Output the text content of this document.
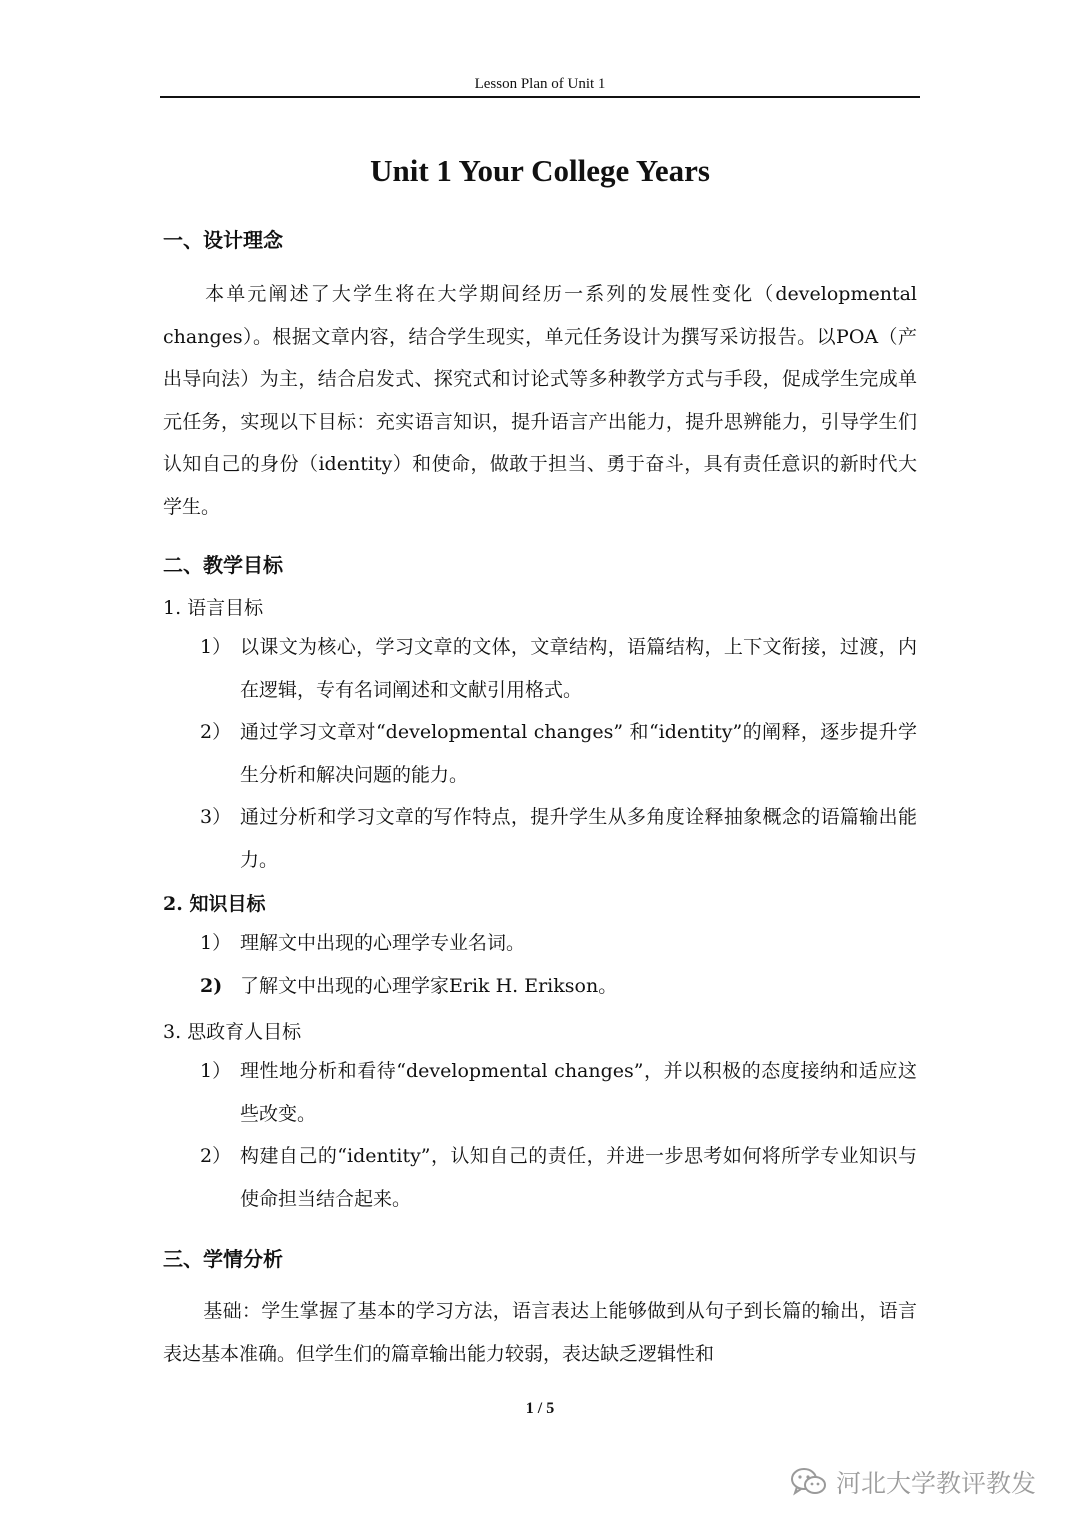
Lesson Plan of Unit 1
Unit 1 Your College Years
一、设计理念
本单元阐述了大学生将在大学期间经历一系列的发展性变化（developmental changes）。根据文章内容，结合学生现实，单元任务设计为撰写采访报告。以POA（产出导向法）为主，结合启发式、探究式和讨论式等多种教学方式与手段，促成学生完成单元任务，实现以下目标：充实语言知识，提升语言产出能力，提升思辨能力，引导学生们认知自己的身份（identity）和使命，做敢于担当、勇于奋斗，具有责任意识的新时代大学生。
二、教学目标
1. 语言目标
1） 以课文为核心，学习文章的文体，文章结构，语篇结构，上下文衔接，过渡，内在逻辑，专有名词阐述和文献引用格式。
2） 通过学习文章对“developmental changes” 和“identity”的阐释，逐步提升学生分析和解决问题的能力。
3） 通过分析和学习文章的写作特点，提升学生从多角度诠释抽象概念的语篇输出能力。
2. 知识目标
1） 理解文中出现的心理学专业名词。
2) 了解文中出现的心理学家Erik H. Erikson。
3. 思政育人目标
1） 理性地分析和看待“developmental changes”，并以积极的态度接纳和适应这些改变。
2） 构建自己的“identity”，认知自己的责任，并进一步思考如何将所学专业知识与使命担当结合起来。
三、学情分析
基础：学生掌握了基本的学习方法，语言表达上能够做到从句子到长篇的输出，语言表达基本准确。但学生们的篇章输出能力较弱，表达缺乏逻辑性和
1 / 5
河北大学教评教发
